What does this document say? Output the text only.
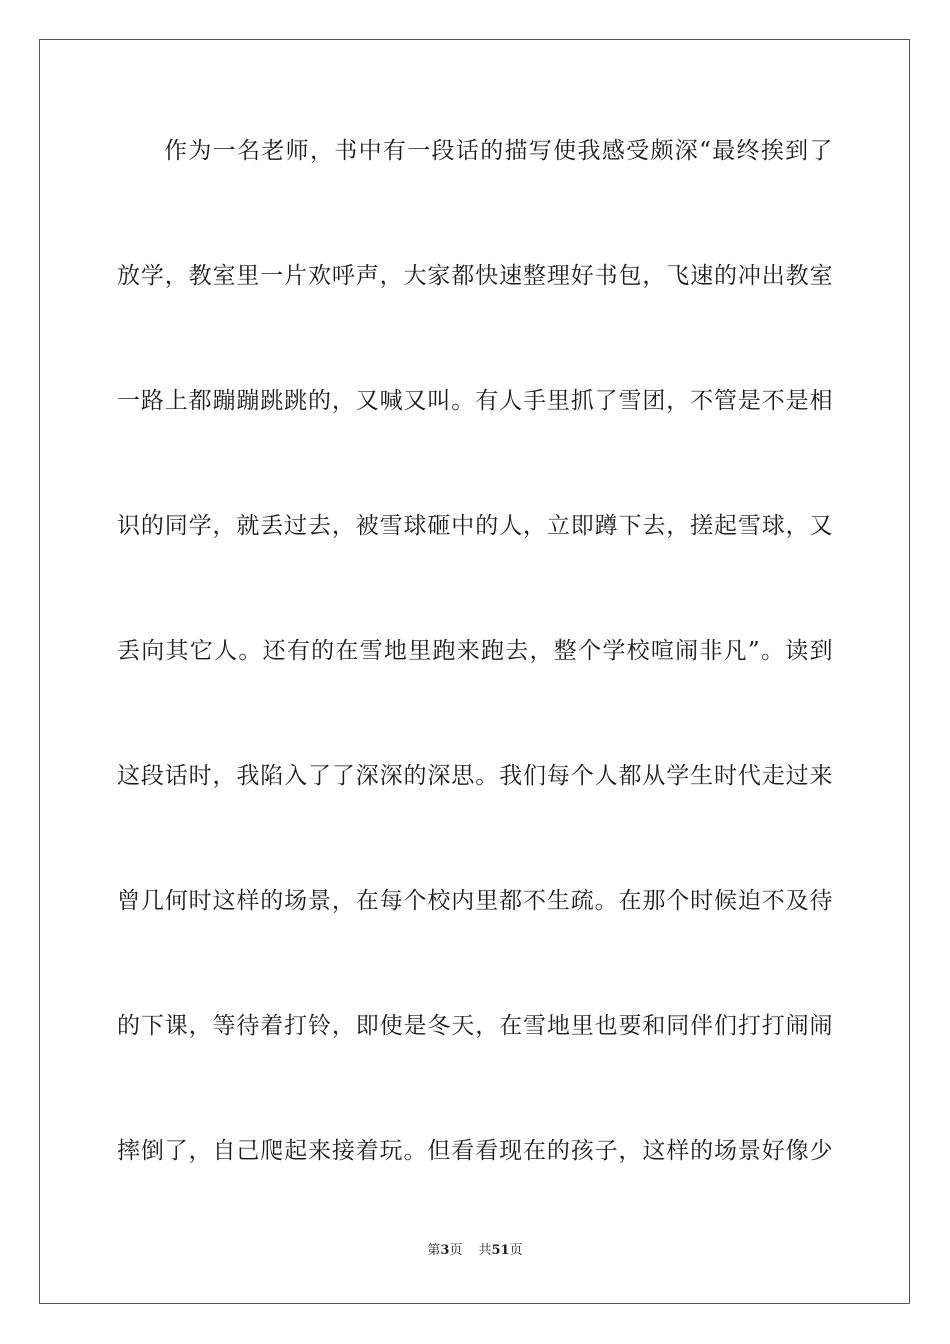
作为一名老师，书中有一段话的描写使我感受颇深“最终挨到了
放学，教室里一片欢呼声，大家都快速整理好书包，飞速的冲出教室
一路上都蹦蹦跳跳的，又喊又叫。有人手里抓了雪团，不管是不是相
识的同学，就丢过去，被雪球砸中的人，立即蹲下去，搓起雪球，又
丢向其它人。还有的在雪地里跑来跑去，整个学校喧闹非凡”。读到
这段话时，我陷入了了深深的深思。我们每个人都从学生时代走过来
曾几何时这样的场景，在每个校内里都不生疏。在那个时候迫不及待
的下课，等待着打铃，即使是冬天，在雪地里也要和同伴们打打闹闹
摔倒了，自己爬起来接着玩。但看看现在的孩子，这样的场景好像少
第3页 共51页
